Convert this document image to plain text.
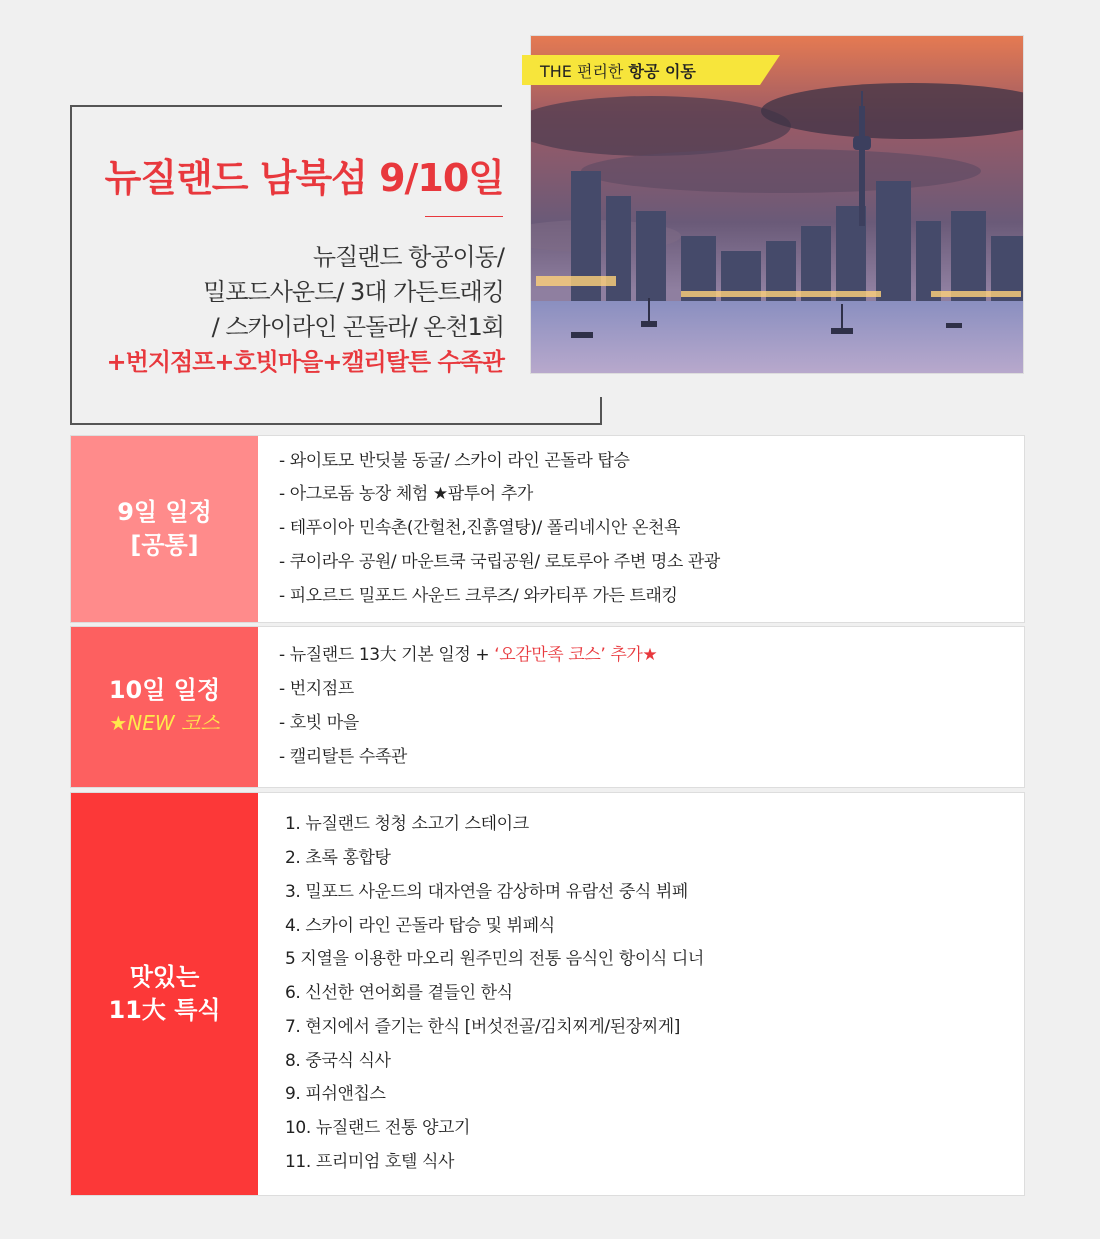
뉴질랜드 남북섬 9/10일
뉴질랜드 항공이동/
밀포드사운드/ 3대 가든트래킹
/ 스카이라인 곤돌라/ 온천1회
+번지점프+호빗마을+캘리탈튼 수족관
THE 편리한 항공 이동
9일 일정
[공통]
- 와이토모 반딧불 동굴/ 스카이 라인 곤돌라 탑승
- 아그로돔 농장 체험 ★팜투어 추가
- 테푸이아 민속촌(간헐천,진흙열탕)/ 폴리네시안 온천욕
- 쿠이라우 공원/ 마운트쿡 국립공원/ 로토루아 주변 명소 관광
- 피오르드 밀포드 사운드 크루즈/ 와카티푸 가든 트래킹
10일 일정
★NEW 코스
- 뉴질랜드 13大 기본 일정 + ‘오감만족 코스’ 추가★
- 번지점프
- 호빗 마을
- 캘리탈튼 수족관
맛있는
11大 특식
1. 뉴질랜드 청청 소고기 스테이크
2. 초록 홍합탕
3. 밀포드 사운드의 대자연을 감상하며 유람선 중식 뷔페
4. 스카이 라인 곤돌라 탑승 및 뷔페식
5 지열을 이용한 마오리 원주민의 전통 음식인 항이식 디너
6. 신선한 연어회를 곁들인 한식
7. 현지에서 즐기는 한식 [버섯전골/김치찌게/된장찌게]
8. 중국식 식사
9. 피쉬앤칩스
10. 뉴질랜드 전통 양고기
11. 프리미엄 호텔 식사
